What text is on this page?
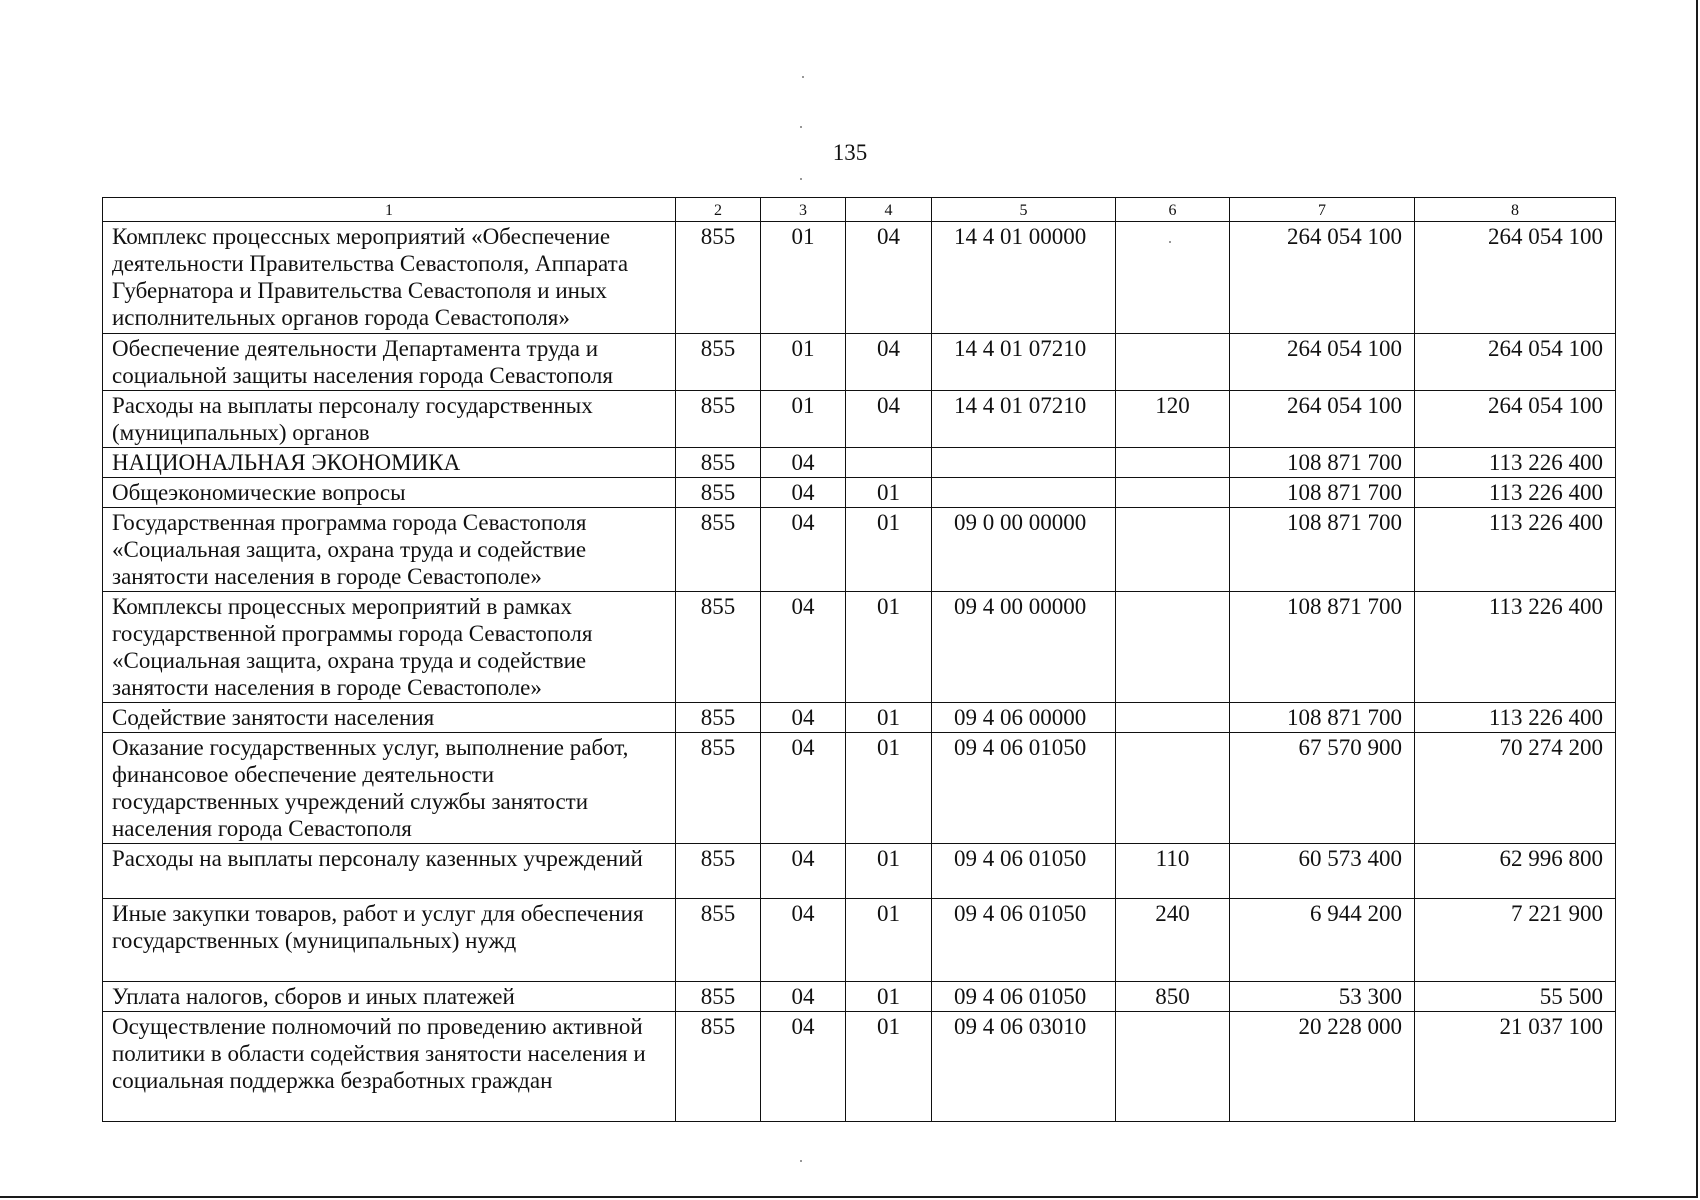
135
1	2	3	4	5	6	7	8
Комплекс процессных мероприятий «Обеспечение деятельности Правительства Севастополя, Аппарата Губернатора и Правительства Севастополя и иных исполнительных органов города Севастополя»	855	01	04	14 4 01 00000		264 054 100	264 054 100
Обеспечение деятельности Департамента труда и социальной защиты населения города Севастополя	855	01	04	14 4 01 07210		264 054 100	264 054 100
Расходы на выплаты персоналу государственных (муниципальных) органов	855	01	04	14 4 01 07210	120	264 054 100	264 054 100
НАЦИОНАЛЬНАЯ ЭКОНОМИКА	855	04				108 871 700	113 226 400
Общеэкономические вопросы	855	04	01			108 871 700	113 226 400
Государственная программа города Севастополя «Социальная защита, охрана труда и содействие занятости населения в городе Севастополе»	855	04	01	09 0 00 00000		108 871 700	113 226 400
Комплексы процессных мероприятий в рамках государственной программы города Севастополя «Социальная защита, охрана труда и содействие занятости населения в городе Севастополе»	855	04	01	09 4 00 00000		108 871 700	113 226 400
Содействие занятости населения	855	04	01	09 4 06 00000		108 871 700	113 226 400
Оказание государственных услуг, выполнение работ, финансовое обеспечение деятельности государственных учреждений службы занятости населения города Севастополя	855	04	01	09 4 06 01050		67 570 900	70 274 200
Расходы на выплаты персоналу казенных учреждений	855	04	01	09 4 06 01050	110	60 573 400	62 996 800
Иные закупки товаров, работ и услуг для обеспечения государственных (муниципальных) нужд	855	04	01	09 4 06 01050	240	6 944 200	7 221 900
Уплата налогов, сборов и иных платежей	855	04	01	09 4 06 01050	850	53 300	55 500
Осуществление полномочий по проведению активной политики в области содействия занятости населения и социальная поддержка безработных граждан	855	04	01	09 4 06 03010		20 228 000	21 037 100
